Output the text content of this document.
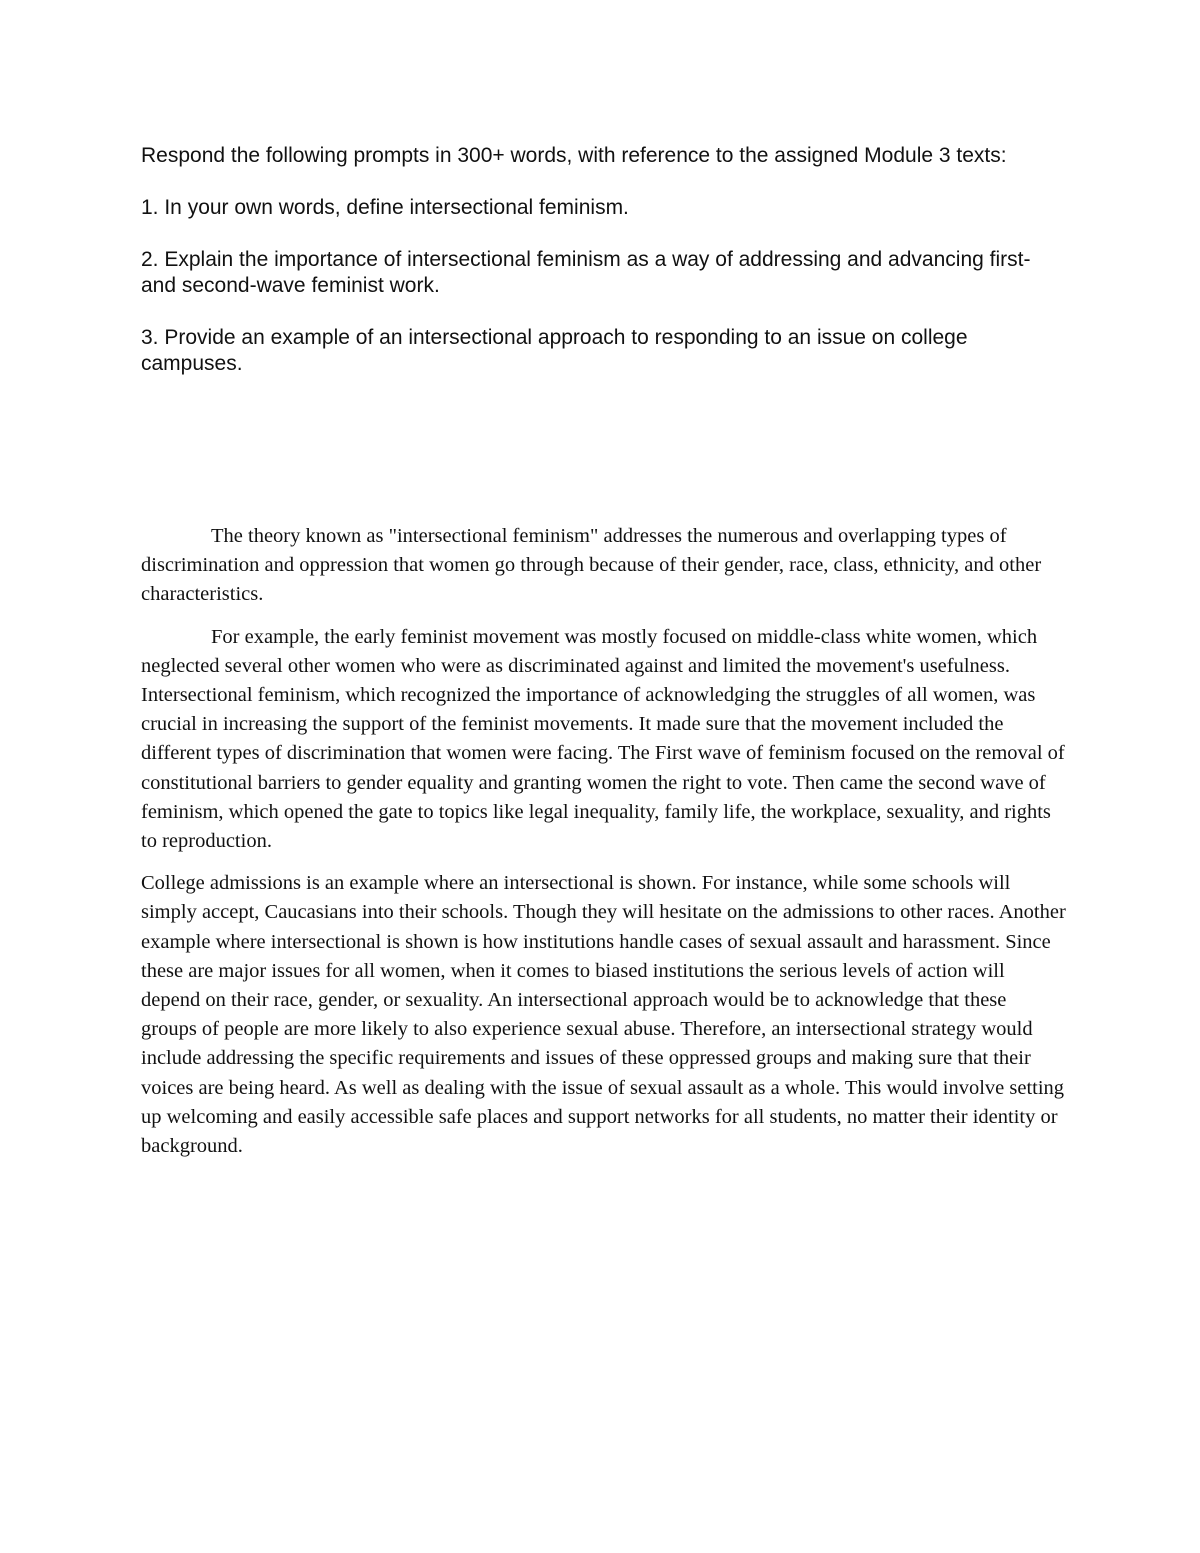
Respond the following prompts in 300+ words, with reference to the assigned Module 3 texts:

1. In your own words, define intersectional feminism.

2. Explain the importance of intersectional feminism as a way of addressing and advancing first- and second-wave feminist work.

3. Provide an example of an intersectional approach to responding to an issue on college campuses.

The theory known as "intersectional feminism" addresses the numerous and overlapping types of discrimination and oppression that women go through because of their gender, race, class, ethnicity, and other characteristics.

For example, the early feminist movement was mostly focused on middle-class white women, which neglected several other women who were as discriminated against and limited the movement's usefulness. Intersectional feminism, which recognized the importance of acknowledging the struggles of all women, was crucial in increasing the support of the feminist movements. It made sure that the movement included the different types of discrimination that women were facing. The First wave of feminism focused on the removal of constitutional barriers to gender equality and granting women the right to vote. Then came the second wave of feminism, which opened the gate to topics like legal inequality, family life, the workplace, sexuality, and rights to reproduction.

College admissions is an example where an intersectional is shown. For instance, while some schools will simply accept, Caucasians into their schools. Though they will hesitate on the admissions to other races. Another example where intersectional is shown is how institutions handle cases of sexual assault and harassment. Since these are major issues for all women, when it comes to biased institutions the serious levels of action will depend on their race, gender, or sexuality. An intersectional approach would be to acknowledge that these groups of people are more likely to also experience sexual abuse. Therefore, an intersectional strategy would include addressing the specific requirements and issues of these oppressed groups and making sure that their voices are being heard. As well as dealing with the issue of sexual assault as a whole. This would involve setting up welcoming and easily accessible safe places and support networks for all students, no matter their identity or background.
